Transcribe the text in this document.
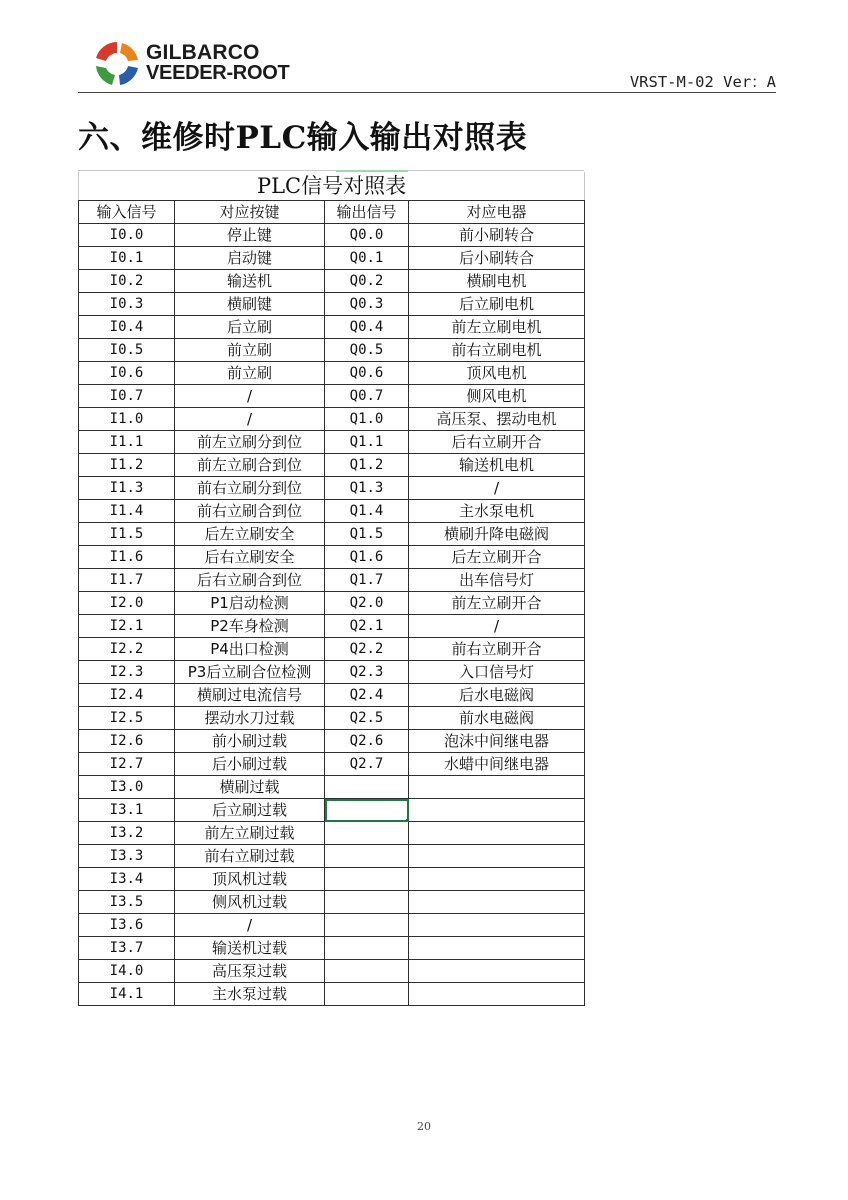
GILBARCO
VEEDER-ROOT	VRST-M-02 Ver：A
六、维修时PLC输入输出对照表
PLC信号对照表			
输入信号	对应按键	输出信号	对应电器
I0.0	停止键	Q0.0	前小刷转合
I0.1	启动键	Q0.1	后小刷转合
I0.2	输送机	Q0.2	横刷电机
I0.3	横刷键	Q0.3	后立刷电机
I0.4	后立刷	Q0.4	前左立刷电机
I0.5	前立刷	Q0.5	前右立刷电机
I0.6	前立刷	Q0.6	顶风电机
I0.7	/	Q0.7	侧风电机
I1.0	/	Q1.0	高压泵、摆动电机
I1.1	前左立刷分到位	Q1.1	后右立刷开合
I1.2	前左立刷合到位	Q1.2	输送机电机
I1.3	前右立刷分到位	Q1.3	/
I1.4	前右立刷合到位	Q1.4	主水泵电机
I1.5	后左立刷安全	Q1.5	横刷升降电磁阀
I1.6	后右立刷安全	Q1.6	后左立刷开合
I1.7	后右立刷合到位	Q1.7	出车信号灯
I2.0	P1启动检测	Q2.0	前左立刷开合
I2.1	P2车身检测	Q2.1	/
I2.2	P4出口检测	Q2.2	前右立刷开合
I2.3	P3后立刷合位检测	Q2.3	入口信号灯
I2.4	横刷过电流信号	Q2.4	后水电磁阀
I2.5	摆动水刀过载	Q2.5	前水电磁阀
I2.6	前小刷过载	Q2.6	泡沫中间继电器
I2.7	后小刷过载	Q2.7	水蜡中间继电器
I3.0	横刷过载		
I3.1	后立刷过载	

I3.2	前左立刷过载		
I3.3	前右立刷过载		
I3.4	顶风机过载		
I3.5	侧风机过载		
I3.6	/		
I3.7	输送机过载		
I4.0	高压泵过载		
I4.1	主水泵过载		
20
